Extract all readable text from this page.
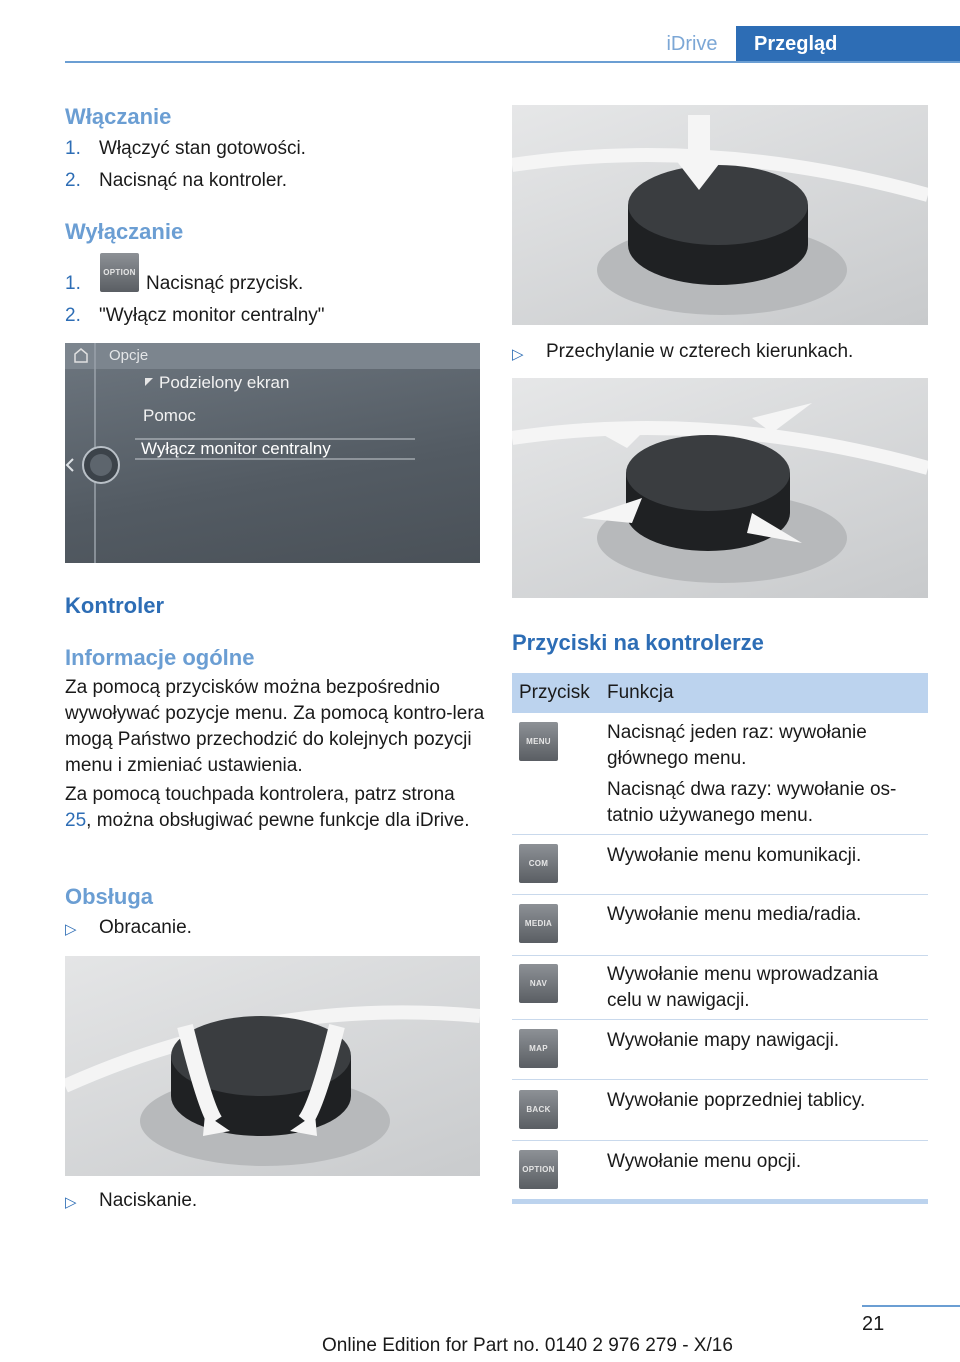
iDrive	Przegląd
Włączanie
1. Włączyć stan gotowości.
2. Nacisnąć na kontroler.
Wyłączanie
1.
OPTION
Nacisnąć przycisk.
2. "Wyłącz monitor centralny"
Opcje
Podzielony ekran
Pomoc
Wyłącz monitor centralny
Kontroler
Informacje ogólne
Za pomocą przycisków można bezpośrednio wywoływać pozycje menu. Za pomocą kontro-lera mogą Państwo przechodzić do kolejnych pozycji menu i zmieniać ustawienia.
Za pomocą touchpada kontrolera, patrz strona 25, można obsługiwać pewne funkcje dla iDrive.
Obsługa
▷ Obracanie.
▷ Naciskanie.
▷ Przechylanie w czterech kierunkach.
Przyciski na kontrolerze
Przycisk Funkcja
MENU	Nacisnąć jeden raz: wywołanie głównego menu.
Nacisnąć dwa razy: wywołanie os-tatnio używanego menu.
COM	Wywołanie menu komunikacji.
MEDIA	Wywołanie menu media/radia.
NAV	Wywołanie menu wprowadzania celu w nawigacji.
MAP	Wywołanie mapy nawigacji.
BACK	Wywołanie poprzedniej tablicy.
OPTION	Wywołanie menu opcji.
21
Online Edition for Part no. 0140 2 976 279 - X/16
